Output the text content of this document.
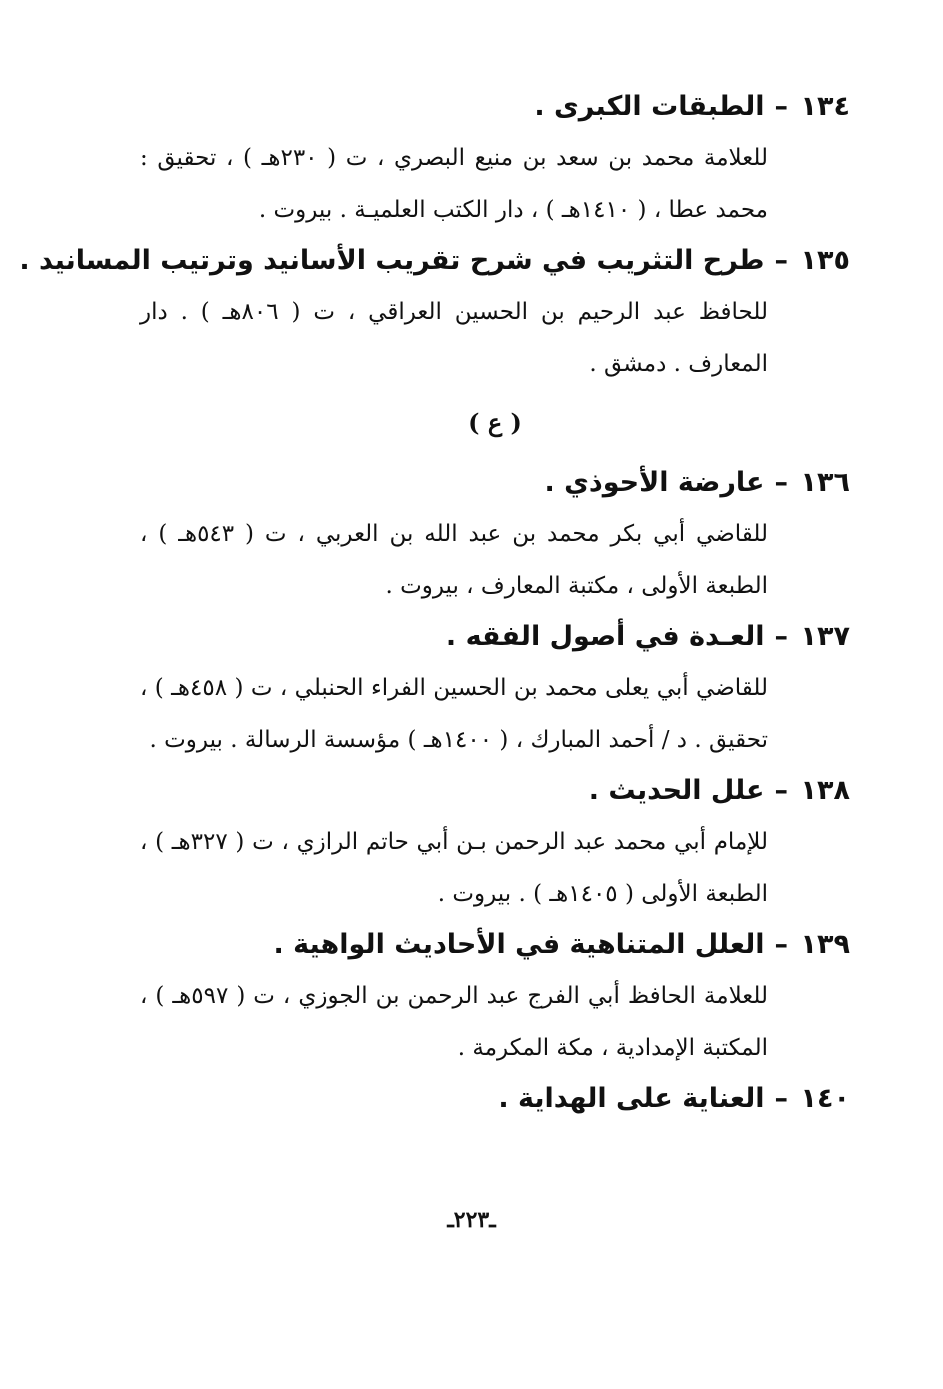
١٣٤–الطبقات الكبرى .
للعلامة محمد بن سعد بن منيع البصري ، ت ( ٢٣٠هـ ) ، تحقيق : محمد عطا ، ( ١٤١٠هـ ) ، دار الكتب العلميـة . بيروت .
١٣٥–طرح التثريب في شرح تقريب الأسانيد وترتيب المسانيد .
للحافظ عبد الرحيم بن الحسين العراقي ، ت ( ٨٠٦هـ ) . دار المعارف . دمشق .
( ع )
١٣٦–عارضة الأحوذي .
للقاضي أبي بكر محمد بن عبد الله بن العربي ، ت ( ٥٤٣هـ ) ، الطبعة الأولى ، مكتبة المعارف ، بيروت .
١٣٧–العـدة في أصول الفقه .
للقاضي أبي يعلى محمد بن الحسين الفراء الحنبلي ، ت ( ٤٥٨هـ ) ، تحقيق . د / أحمد المبارك ، ( ١٤٠٠هـ ) مؤسسة الرسالة . بيروت .
١٣٨–علل الحديث .
للإمام أبي محمد عبد الرحمن بـن أبي حاتم الرازي ، ت ( ٣٢٧هـ ) ، الطبعة الأولى ( ١٤٠٥هـ ) . بيروت .
١٣٩–العلل المتناهية في الأحاديث الواهية .
للعلامة الحافظ أبي الفرج عبد الرحمن بن الجوزي ، ت ( ٥٩٧هـ ) ، المكتبة الإمدادية ، مكة المكرمة .
١٤٠–العناية على الهداية .
ـ٢٢٣ـ
